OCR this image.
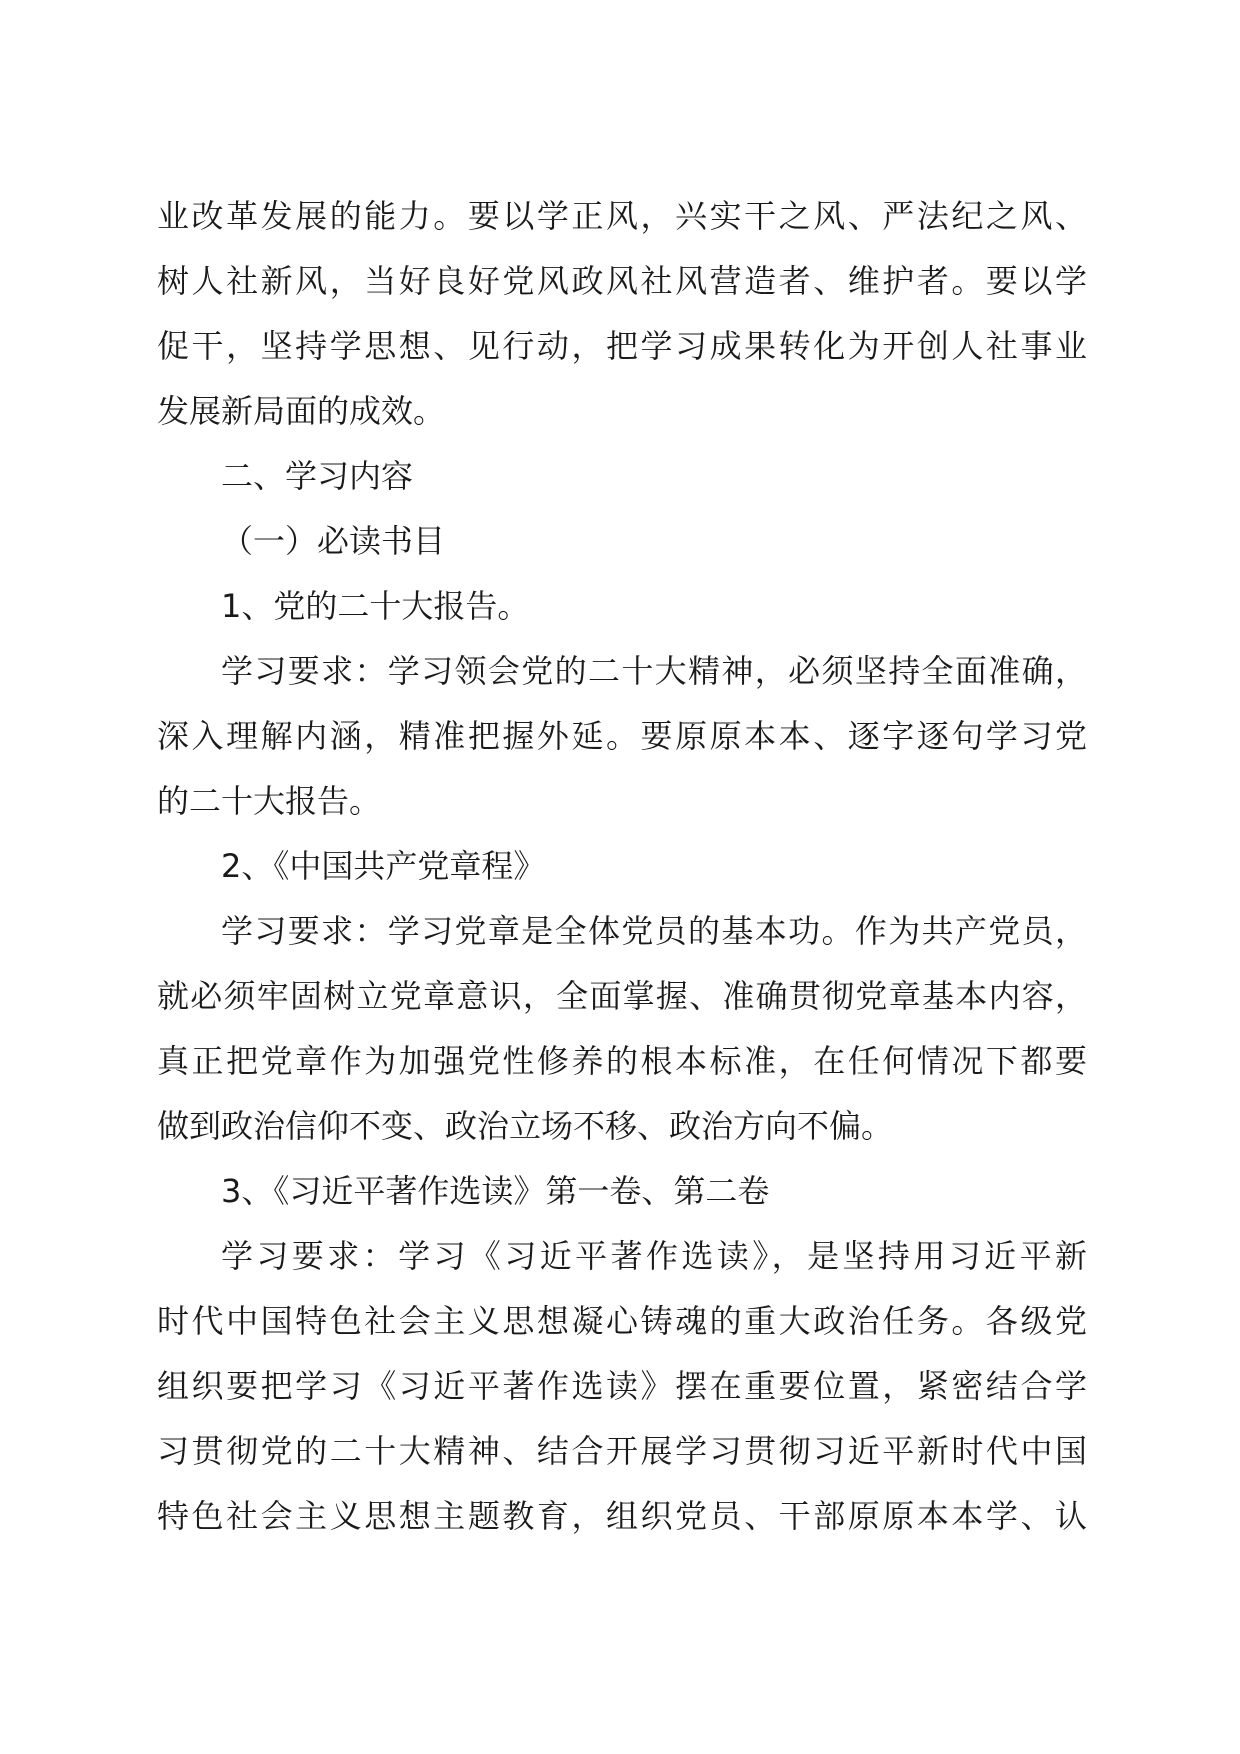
业改革发展的能力。要以学正风，兴实干之风、严法纪之风、
树人社新风，当好良好党风政风社风营造者、维护者。要以学
促干，坚持学思想、见行动，把学习成果转化为开创人社事业
发展新局面的成效。
二、学习内容
（一）必读书目
1、党的二十大报告。
学习要求：学习领会党的二十大精神，必须坚持全面准确，
深入理解内涵，精准把握外延。要原原本本、逐字逐句学习党
的二十大报告。
2、《中国共产党章程》
学习要求：学习党章是全体党员的基本功。作为共产党员，
就必须牢固树立党章意识，全面掌握、准确贯彻党章基本内容，
真正把党章作为加强党性修养的根本标准，在任何情况下都要
做到政治信仰不变、政治立场不移、政治方向不偏。
3、《习近平著作选读》第一卷、第二卷
学习要求：学习《习近平著作选读》，是坚持用习近平新
时代中国特色社会主义思想凝心铸魂的重大政治任务。各级党
组织要把学习《习近平著作选读》摆在重要位置，紧密结合学
习贯彻党的二十大精神、结合开展学习贯彻习近平新时代中国
特色社会主义思想主题教育，组织党员、干部原原本本学、认
